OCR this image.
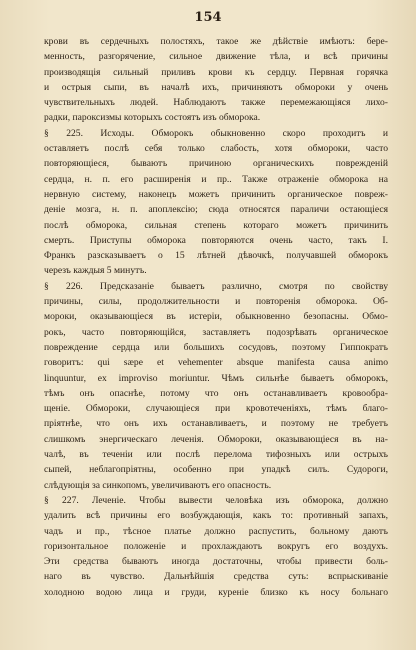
154
крови въ сердечныхъ полостяхъ, такое же дѣйствіе имѣютъ: бере-
менность, разгорячение, сильное движение тѣла, и всѣ причины
производящія сильный приливъ крови къ сердцу. Первная горячка
и острыя сыпи, въ началѣ ихъ, причиняютъ обмороки у очень
чувствительныхъ людей. Наблюдаютъ также перемежающіяся лихо-
радки, пароксизмы которыхъ состоятъ изъ обморока.
§ 225. Исходы. Обморокъ обыкновенно скоро проходитъ и
оставляетъ послѣ себя только слабость, хотя обмороки, часто
повторяющіеся, бываютъ причиною органическихъ поврежденій
сердца, н. п. его расширенія и пр.. Также отраженіе обморока на
нервную систему, наконецъ можетъ причинить органическое повреж-
деніе мозга, н. п. апоплексію; сюда относятся параличи остающіеся
послѣ обморока, сильная степень котораго можетъ причинить
смерть. Приступы обморока повторяются очень часто, такъ I.
Франкъ разсказываетъ о 15 лѣтней дѣвочкѣ, получавшей обморокъ
черезъ каждыя 5 минутъ.
§ 226. Предсказаніе бываетъ различно, смотря по свойству
причины, силы, продолжительности и повторенія обморока. Об-
мороки, оказывающіеся въ истеріи, обыкновенно безопасны. Обмо-
рокъ, часто повторяющійся, заставляетъ подозрѣвать органическое
повреждение сердца или большихъ сосудовъ, поэтому Гиппократъ
говоритъ: qui sæpe et vehementer absque manifesta causa animo
linquuntur, ex improviso moriuntur. Чѣмъ сильнѣе бываетъ обморокъ,
тѣмъ онъ опаснѣе, потому что онъ останавливаетъ кровообра-
щеніе. Обмороки, случающіеся при кровотеченіяхъ, тѣмъ благо-
пріятнѣе, что онъ ихъ останавливаетъ, и поэтому не требуетъ
слишкомъ энергическаго леченія. Обмороки, оказывающіеся въ на-
чалѣ, въ теченіи или послѣ перелома тифозныхъ или острыхъ
сыпей, неблагопріятны, особенно при упадкѣ силъ. Судороги,
слѣдующія за синкопомъ, увеличиваютъ его опасность.
§ 227. Леченіе. Чтобы вывести человѣка изъ обморока, должно
удалить всѣ причины его возбуждающія, какъ то: противный запахъ,
чадъ и пр., тѣсное платье должно распустить, больному даютъ
горизонтальное положеніе и прохлаждаютъ вокругъ его воздухъ.
Эти средства бываютъ иногда достаточны, чтобы привести боль-
наго въ чувство. Дальнѣйшія средства суть: вспрыскиваніе
холодною водою лица и груди, куреніе близко къ носу больнаго
